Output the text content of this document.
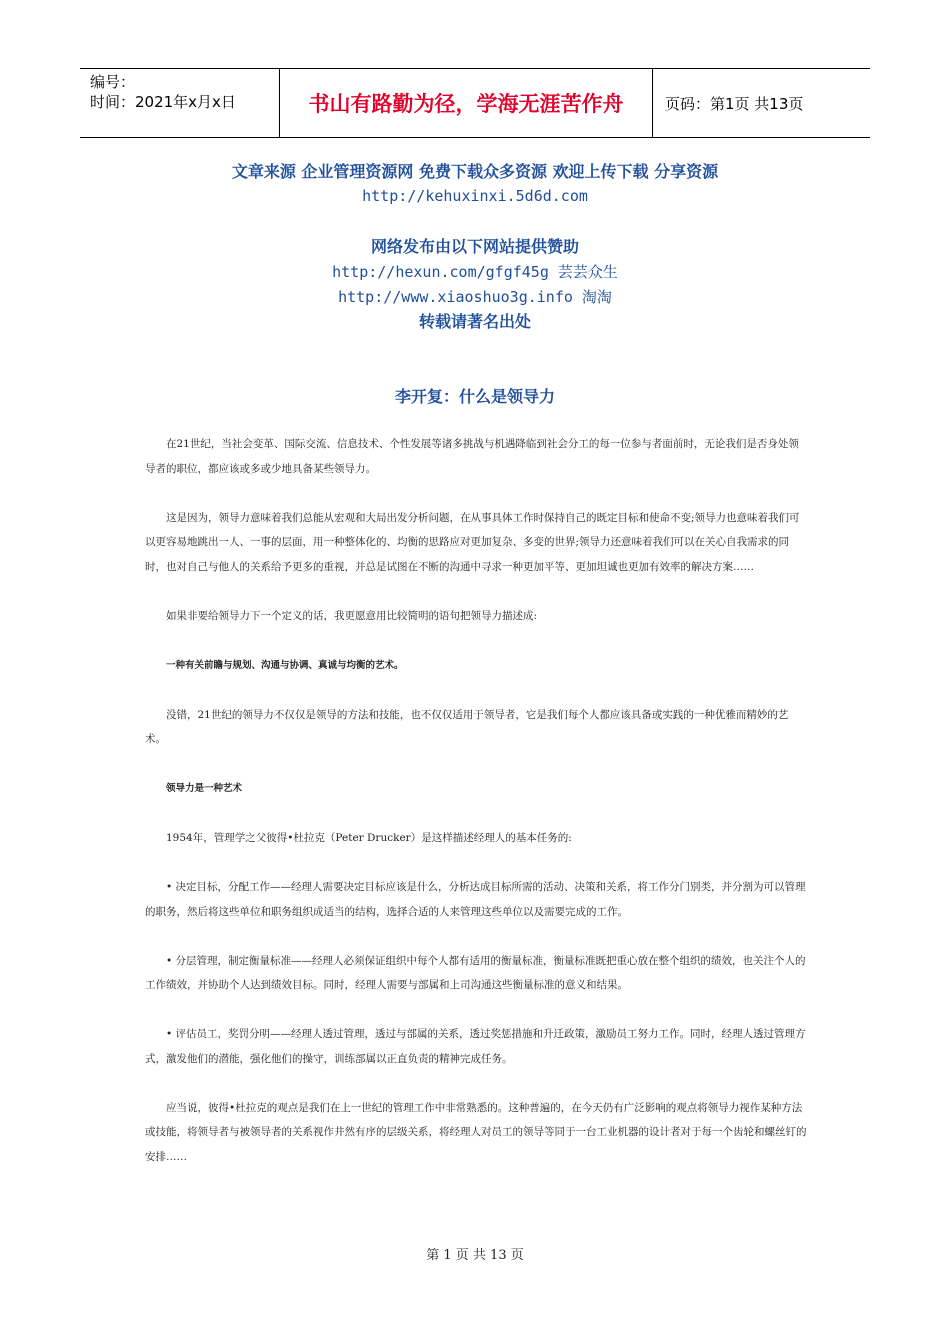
编号：
时间：2021年x月x日	书山有路勤为径，学海无涯苦作舟	页码：第1页 共13页
文章来源 企业管理资源网 免费下载众多资源 欢迎上传下载 分享资源
http://kehuxinxi.5d6d.com
网络发布由以下网站提供赞助
http://hexun.com/gfgf45g 芸芸众生
http://www.xiaoshuo3g.info 淘淘
转载请著名出处
李开复：什么是领导力

在21世纪，当社会变革、国际交流、信息技术、个性发展等诸多挑战与机遇降临到社会分工的每一位参与者面前时，无论我们是否身处领导者的职位，都应该或多或少地具备某些领导力。

这是因为，领导力意味着我们总能从宏观和大局出发分析问题，在从事具体工作时保持自己的既定目标和使命不变;领导力也意味着我们可以更容易地跳出一人、一事的层面，用一种整体化的、均衡的思路应对更加复杂、多变的世界;领导力还意味着我们可以在关心自我需求的同时，也对自己与他人的关系给予更多的重视，并总是试图在不断的沟通中寻求一种更加平等、更加坦诚也更加有效率的解决方案……

如果非要给领导力下一个定义的话，我更愿意用比较简明的语句把领导力描述成:

一种有关前瞻与规划、沟通与协调、真诚与均衡的艺术。

没错，21世纪的领导力不仅仅是领导的方法和技能，也不仅仅适用于领导者，它是我们每个人都应该具备或实践的一种优雅而精妙的艺术。

领导力是一种艺术

1954年，管理学之父彼得•杜拉克（Peter Drucker）是这样描述经理人的基本任务的:

• 决定目标，分配工作——经理人需要决定目标应该是什么，分析达成目标所需的活动、决策和关系，将工作分门别类，并分割为可以管理的职务，然后将这些单位和职务组织成适当的结构，选择合适的人来管理这些单位以及需要完成的工作。

• 分层管理，制定衡量标准——经理人必须保证组织中每个人都有适用的衡量标准，衡量标准既把重心放在整个组织的绩效，也关注个人的工作绩效，并协助个人达到绩效目标。同时，经理人需要与部属和上司沟通这些衡量标准的意义和结果。

• 评估员工，奖罚分明——经理人透过管理，透过与部属的关系，透过奖惩措施和升迁政策，激励员工努力工作。同时，经理人透过管理方式，激发他们的潜能，强化他们的操守，训练部属以正直负责的精神完成任务。

应当说，彼得•杜拉克的观点是我们在上一世纪的管理工作中非常熟悉的。这种普遍的，在今天仍有广泛影响的观点将领导力视作某种方法或技能，将领导者与被领导者的关系视作井然有序的层级关系，将经理人对员工的领导等同于一台工业机器的设计者对于每一个齿轮和螺丝钉的安排……

第 1 页 共 13 页
